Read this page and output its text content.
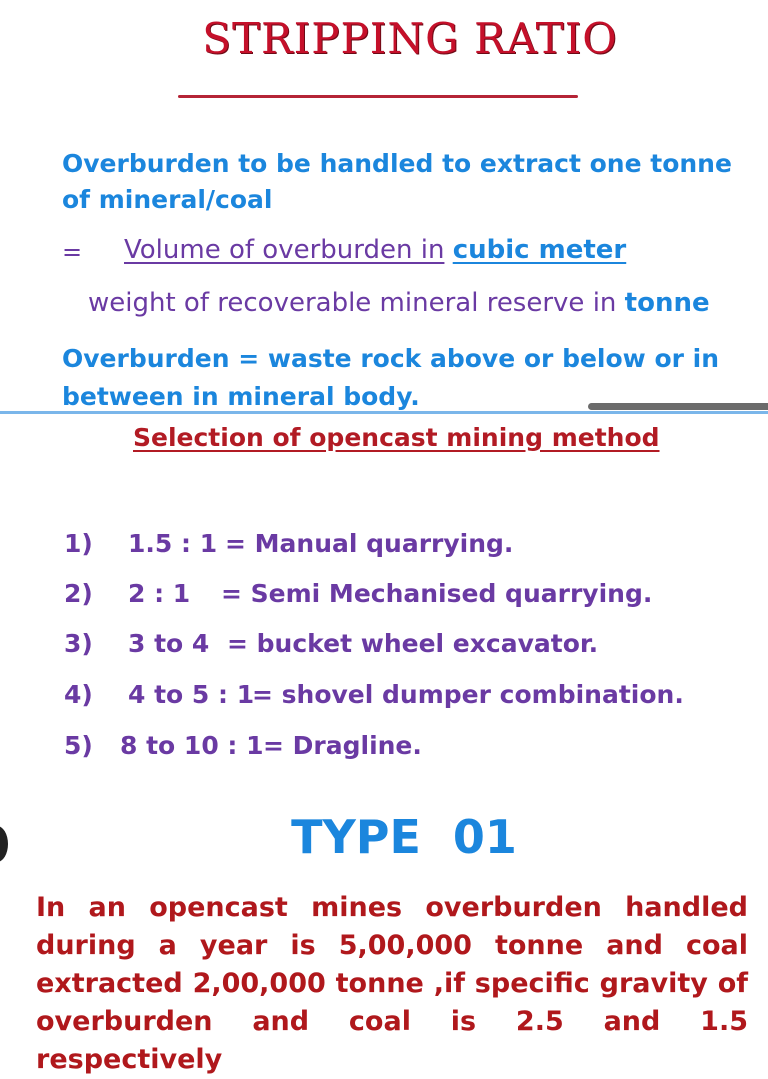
STRIPPING RATIO
Overburden to be handled to extract one tonne
of mineral/coal
= Volume of overburden in cubic meter
weight of recoverable mineral reserve in tonne
Overburden = waste rock above or below or in
between in mineral body.
Selection of opencast mining method
1) 1.5 : 1 = Manual quarrying.
2) 2 : 1 = Semi Mechanised quarrying.
3) 3 to 4 = bucket wheel excavator.
4) 4 to 5 : 1
= shovel dumper combination.
5) 8 to 10 : 1 = Dragline.
TYPE  01
In an opencast mines overburden handled during a year is 5,00,000 tonne and coal extracted 2,00,000 tonne ,if specific gravity of overburden and coal is 2.5 and 1.5 respectively
